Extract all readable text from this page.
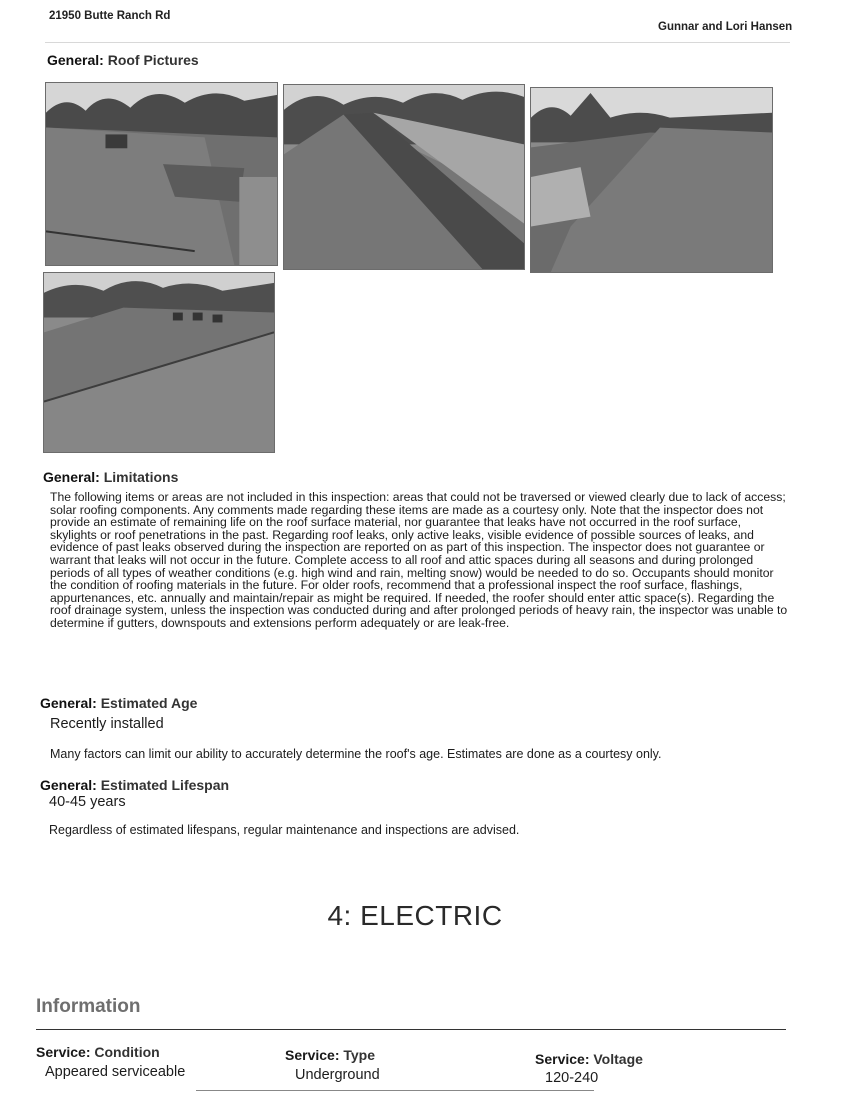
21950 Butte Ranch Rd
Gunnar and Lori Hansen
General: Roof Pictures
General: Limitations

The following items or areas are not included in this inspection: areas that could not be traversed or viewed clearly due to lack of access; solar roofing components. Any comments made regarding these items are made as a courtesy only. Note that the inspector does not provide an estimate of remaining life on the roof surface material, nor guarantee that leaks have not occurred in the roof surface, skylights or roof penetrations in the past. Regarding roof leaks, only active leaks, visible evidence of possible sources of leaks, and evidence of past leaks observed during the inspection are reported on as part of this inspection. The inspector does not guarantee or warrant that leaks will not occur in the future. Complete access to all roof and attic spaces during all seasons and during prolonged periods of all types of weather conditions (e.g. high wind and rain, melting snow) would be needed to do so. Occupants should monitor the condition of roofing materials in the future. For older roofs, recommend that a professional inspect the roof surface, flashings, appurtenances, etc. annually and maintain/repair as might be required. If needed, the roofer should enter attic space(s). Regarding the roof drainage system, unless the inspection was conducted during and after prolonged periods of heavy rain, the inspector was unable to determine if gutters, downspouts and extensions perform adequately or are leak-free.

General: Estimated Age
Recently installed
Many factors can limit our ability to accurately determine the roof's age. Estimates are done as a courtesy only.
General: Estimated Lifespan
40-45 years
Regardless of estimated lifespans, regular maintenance and inspections are advised.
4: ELECTRIC
Information
Service: Condition
Appeared serviceable
Service: Type
Underground
Service: Voltage
120-240
